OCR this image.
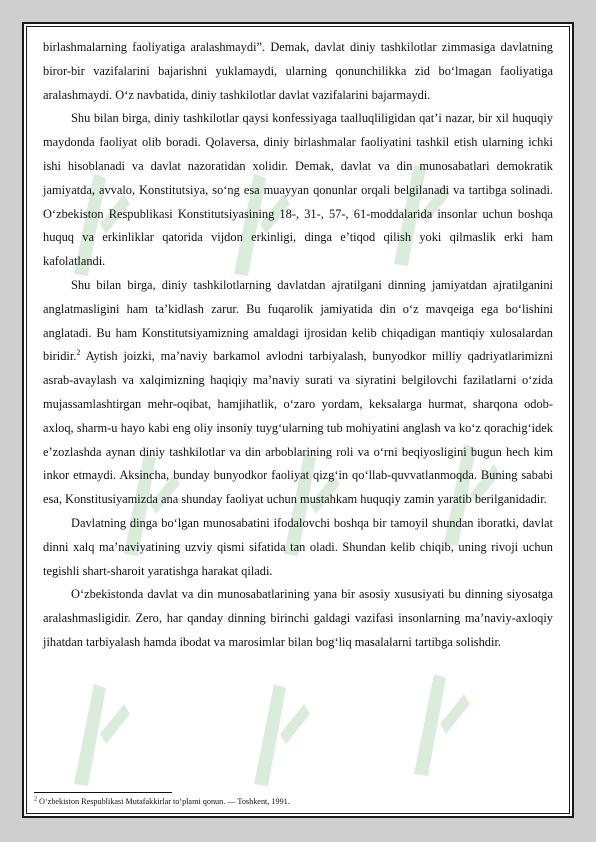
birlashmalarning faoliyatiga aralashmaydi”. Demak, davlat diniy tashkilotlar zimmasiga davlatning biror-bir vazifalarini bajarishni yuklamaydi, ularning qonunchilikka zid bo‘lmagan faoliyatiga aralashmaydi. O‘z navbatida, diniy tashkilotlar davlat vazifalarini bajarmaydi.

Shu bilan birga, diniy tashkilotlar qaysi konfessiyaga taalluqliligidan qat’i nazar, bir xil huquqiy maydonda faoliyat olib boradi. Qolaversa, diniy birlashmalar faoliyatini tashkil etish ularning ichki ishi hisoblanadi va davlat nazoratidan xolidir. Demak, davlat va din munosabatlari demokratik jamiyatda, avvalo, Konstitutsiya, so‘ng esa muayyan qonunlar orqali belgilanadi va tartibga solinadi. O‘zbekiston Respublikasi Konstitutsiyasining 18-, 31-, 57-, 61-moddalarida insonlar uchun boshqa huquq va erkinliklar qatorida vijdon erkinligi, dinga e’tiqod qilish yoki qilmaslik erki ham kafolatlandi.

Shu bilan birga, diniy tashkilotlarning davlatdan ajratilgani dinning jamiyatdan ajratilganini anglatmasligini ham ta’kidlash zarur. Bu fuqarolik jamiyatida din o‘z mavqeiga ega bo‘lishini anglatadi. Bu ham Konstitutsiyamizning amaldagi ijrosidan kelib chiqadigan mantiqiy xulosalardan biridir.$^2$ Aytish joizki, ma’naviy barkamol avlodni tarbiyalash, bunyodkor milliy qadriyatlarimizni asrab-avaylash va xalqimizning haqiqiy ma’naviy surati va siyratini belgilovchi fazilatlarni o‘zida mujassamlashtirgan mehr-oqibat, hamjihatlik, o‘zaro yordam, keksalarga hurmat, sharqona odob-axloq, sharm-u hayo kabi eng oliy insoniy tuyg‘ularning tub mohiyatini anglash va ko‘z qorachig‘idek e’zozlashda aynan diniy tashkilotlar va din arboblarining roli va o‘rni beqiyosligini bugun hech kim inkor etmaydi. Aksincha, bunday bunyodkor faoliyat qizg‘in qo‘llab-quvvatlanmoqda. Buning sababi esa, Konstitusiyamizda ana shunday faoliyat uchun mustahkam huquqiy zamin yaratib berilganidadir.

Davlatning dinga bo‘lgan munosabatini ifodalovchi boshqa bir tamoyil shundan iboratki, davlat dinni xalq ma’naviyatining uzviy qismi sifatida tan oladi. Shundan kelib chiqib, uning rivoji uchun tegishli shart-sharoit yaratishga harakat qiladi.

O‘zbekistonda davlat va din munosabatlarining yana bir asosiy xususiyati bu dinning siyosatga aralashmasligidir. Zero, har qanday dinning birinchi galdagi vazifasi insonlarning ma’naviy-axloqiy jihatdan tarbiyalash hamda ibodat va marosimlar bilan bog‘liq masalalarni tartibga solishdir.

$^2$ O‘zbekiston Respublikasi Mutafakkirlar to‘plami qonun. — Toshkent, 1991.
